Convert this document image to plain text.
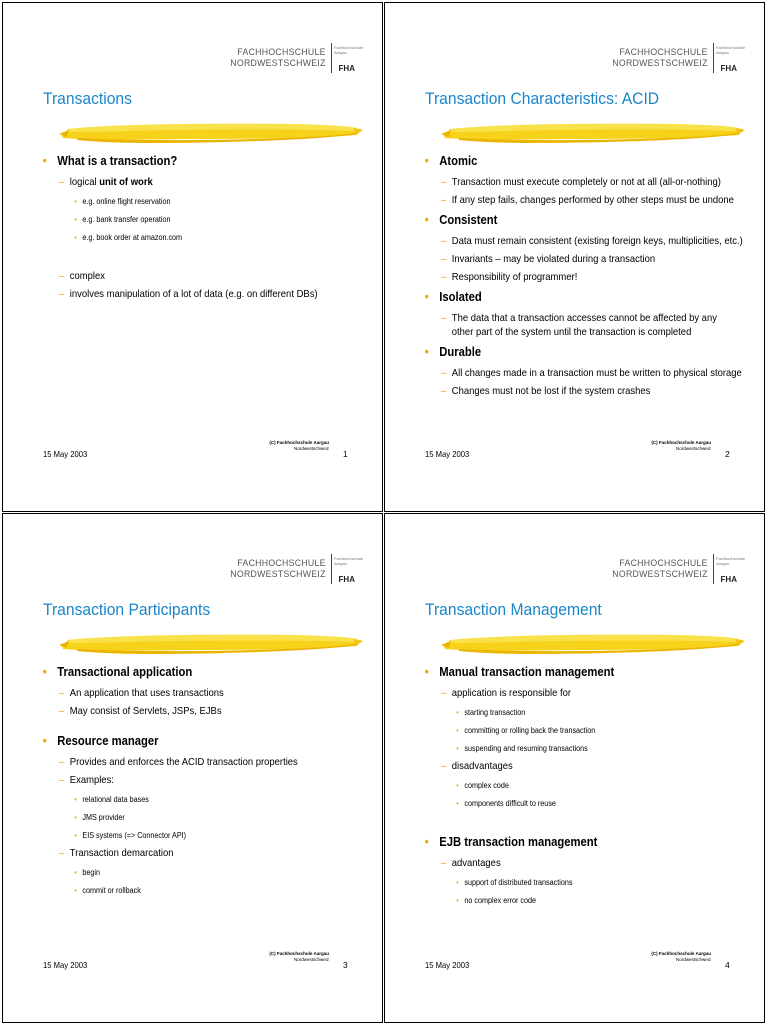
FACHHOCHSCHULE
NORDWESTSCHWEIZ
Fachhochschule
Aargau
FHA
Transactions
• What is a transaction?
– logical unit of work
• e.g. online flight reservation
• e.g. bank transfer operation
• e.g. book order at amazon.com
– complex
– involves manipulation of a lot of data (e.g. on different DBs)
15 May 2003
(C) Fachhochschule Aargau
Nordwestschweiz
1
FACHHOCHSCHULE
NORDWESTSCHWEIZ
Fachhochschule
Aargau
FHA
Transaction Characteristics: ACID
• Atomic
– Transaction must execute completely or not at all (all-or-nothing)
– If any step fails, changes performed by other steps must be undone
• Consistent
– Data must remain consistent (existing foreign keys, multiplicities, etc.)
– Invariants – may be violated during a transaction
– Responsibility of programmer!
• Isolated
– The data that a transaction accesses cannot be affected by any other part of the system until the transaction is completed
• Durable
– All changes made in a transaction must be written to physical storage
– Changes must not be lost if the system crashes
15 May 2003
(C) Fachhochschule Aargau
Nordwestschweiz
2
FACHHOCHSCHULE
NORDWESTSCHWEIZ
Fachhochschule
Aargau
FHA
Transaction Participants
• Transactional application
– An application that uses transactions
– May consist of Servlets, JSPs, EJBs
• Resource manager
– Provides and enforces the ACID transaction properties
– Examples:
• relational data bases
• JMS provider
• EIS systems (=> Connector API)
– Transaction demarcation
• begin
• commit or rollback
15 May 2003
(C) Fachhochschule Aargau
Nordwestschweiz
3
FACHHOCHSCHULE
NORDWESTSCHWEIZ
Fachhochschule
Aargau
FHA
Transaction Management
• Manual transaction management
– application is responsible for
• starting transaction
• committing or rolling back the transaction
• suspending and resuming transactions
– disadvantages
• complex code
• components difficult to reuse
• EJB transaction management
– advantages
• support of distributed transactions
• no complex error code
15 May 2003
(C) Fachhochschule Aargau
Nordwestschweiz
4
